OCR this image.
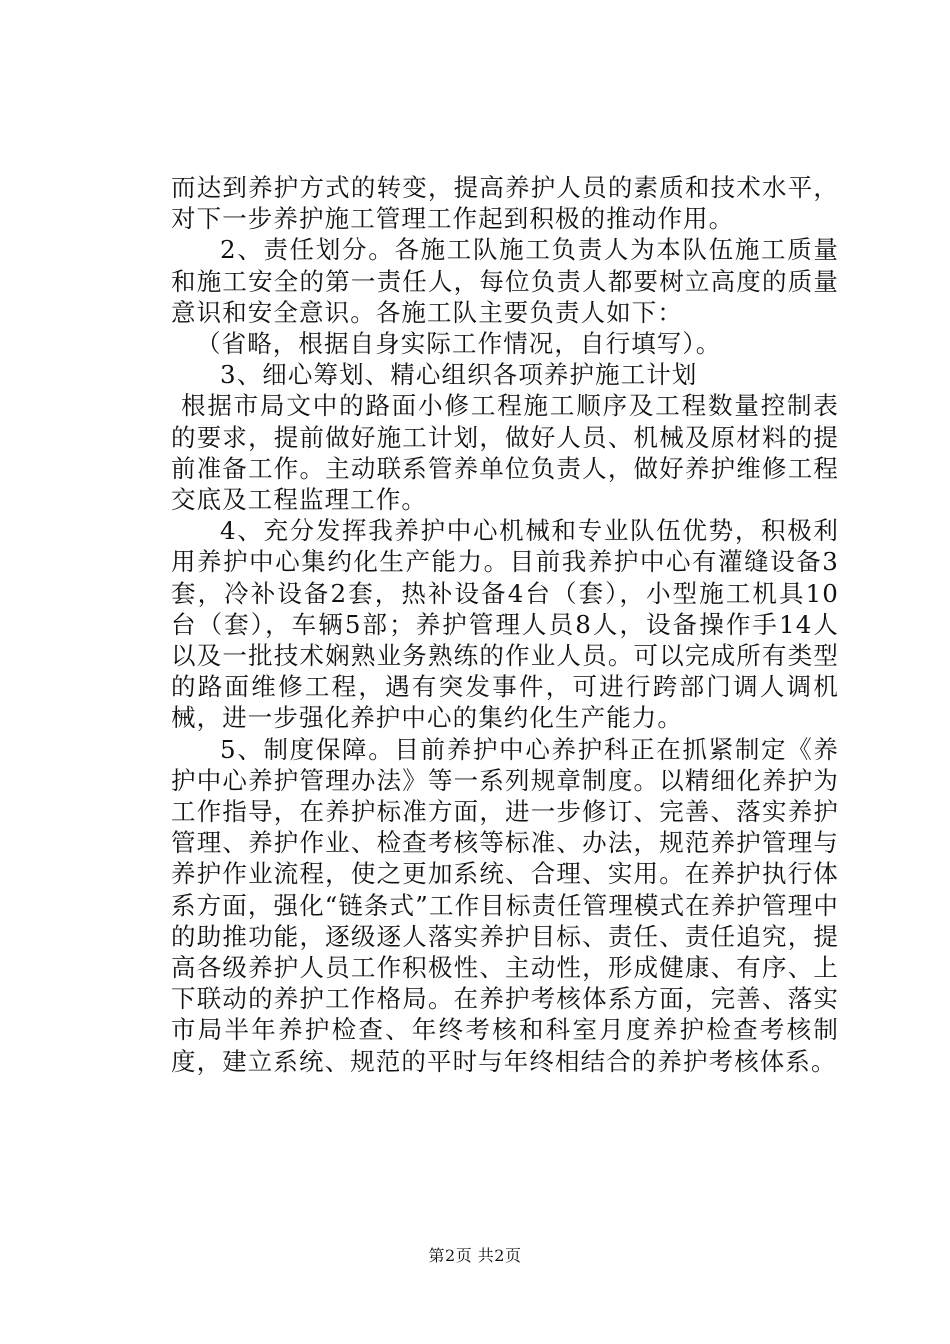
而达到养护方式的转变，提高养护人员的素质和技术水平，对下一步养护施工管理工作起到积极的推动作用。

2、责任划分。各施工队施工负责人为本队伍施工质量和施工安全的第一责任人，每位负责人都要树立高度的质量意识和安全意识。各施工队主要负责人如下：

（省略，根据自身实际工作情况，自行填写）。

3、细心筹划、精心组织各项养护施工计划

根据市局文中的路面小修工程施工顺序及工程数量控制表的要求，提前做好施工计划，做好人员、机械及原材料的提前准备工作。主动联系管养单位负责人，做好养护维修工程交底及工程监理工作。

4、充分发挥我养护中心机械和专业队伍优势，积极利用养护中心集约化生产能力。目前我养护中心有灌缝设备3套，冷补设备2套，热补设备4台（套），小型施工机具10台（套），车辆5部；养护管理人员8人，设备操作手14人以及一批技术娴熟业务熟练的作业人员。可以完成所有类型的路面维修工程，遇有突发事件，可进行跨部门调人调机械，进一步强化养护中心的集约化生产能力。

5、制度保障。目前养护中心养护科正在抓紧制定《养护中心养护管理办法》等一系列规章制度。以精细化养护为工作指导，在养护标准方面，进一步修订、完善、落实养护管理、养护作业、检查考核等标准、办法，规范养护管理与养护作业流程，使之更加系统、合理、实用。在养护执行体系方面，强化“链条式”工作目标责任管理模式在养护管理中的助推功能，逐级逐人落实养护目标、责任、责任追究，提高各级养护人员工作积极性、主动性，形成健康、有序、上下联动的养护工作格局。在养护考核体系方面，完善、落实市局半年养护检查、年终考核和科室月度养护检查考核制度，建立系统、规范的平时与年终相结合的养护考核体系。

第2页 共2页
